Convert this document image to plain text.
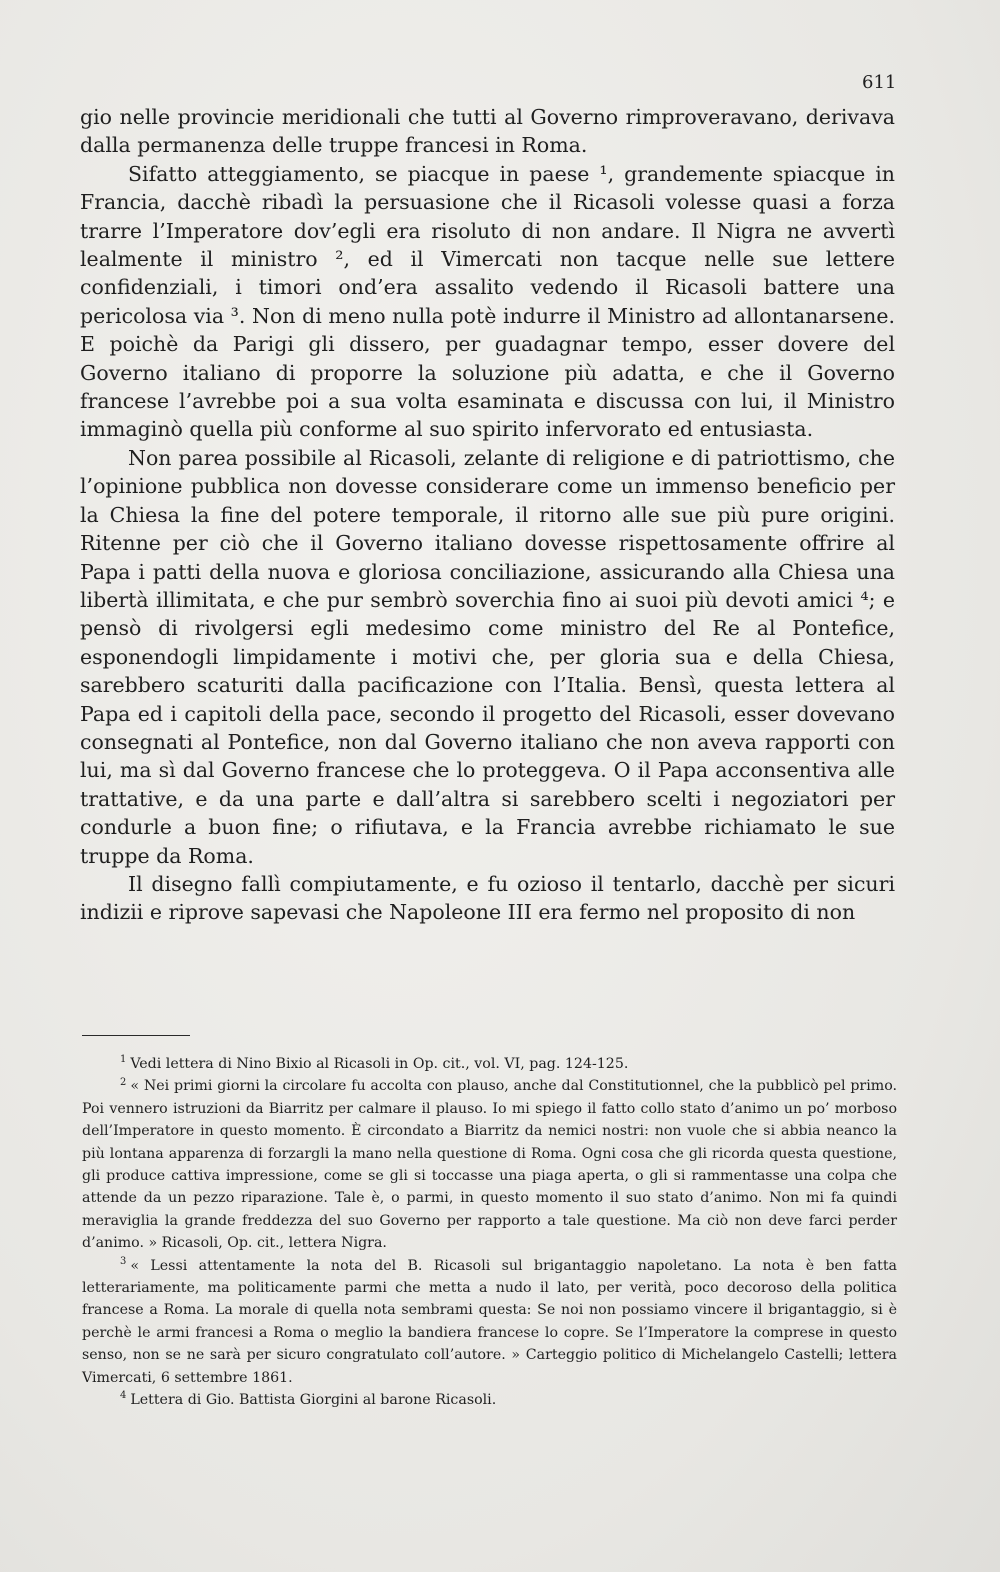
611

gio nelle provincie meridionali che tutti al Governo rimproveravano, derivava dalla permanenza delle truppe francesi in Roma.

Sifatto atteggiamento, se piacque in paese ¹, grandemente spiacque in Francia, dacchè ribadì la persuasione che il Ricasoli volesse quasi a forza trarre l’Imperatore dov’egli era risoluto di non andare. Il Nigra ne avvertì lealmente il ministro ², ed il Vimercati non tacque nelle sue lettere confidenziali, i timori ond’era assalito vedendo il Ricasoli battere una pericolosa via ³. Non di meno nulla potè indurre il Ministro ad allontanarsene. E poichè da Parigi gli dissero, per guadagnar tempo, esser dovere del Governo italiano di proporre la soluzione più adatta, e che il Governo francese l’avrebbe poi a sua volta esaminata e discussa con lui, il Ministro immaginò quella più conforme al suo spirito infervorato ed entusiasta.

Non parea possibile al Ricasoli, zelante di religione e di patriottismo, che l’opinione pubblica non dovesse considerare come un immenso beneficio per la Chiesa la fine del potere temporale, il ritorno alle sue più pure origini. Ritenne per ciò che il Governo italiano dovesse rispettosamente offrire al Papa i patti della nuova e gloriosa conciliazione, assicurando alla Chiesa una libertà illimitata, e che pur sembrò soverchia fino ai suoi più devoti amici ⁴; e pensò di rivolgersi egli medesimo come ministro del Re al Pontefice, esponendogli limpidamente i motivi che, per gloria sua e della Chiesa, sarebbero scaturiti dalla pacificazione con l’Italia. Bensì, questa lettera al Papa ed i capitoli della pace, secondo il progetto del Ricasoli, esser dovevano consegnati al Pontefice, non dal Governo italiano che non aveva rapporti con lui, ma sì dal Governo francese che lo proteggeva. O il Papa acconsentiva alle trattative, e da una parte e dall’altra si sarebbero scelti i negoziatori per condurle a buon fine; o rifiutava, e la Francia avrebbe richiamato le sue truppe da Roma.

Il disegno fallì compiutamente, e fu ozioso il tentarlo, dacchè per sicuri indizii e riprove sapevasi che Napoleone III era fermo nel proposito di non

$^1$ Vedi lettera di Nino Bixio al Ricasoli in Op. cit., vol. VI, pag. 124-125.

$^2$ « Nei primi giorni la circolare fu accolta con plauso, anche dal Constitutionnel, che la pubblicò pel primo. Poi vennero istruzioni da Biarritz per calmare il plauso. Io mi spiego il fatto collo stato d’animo un po’ morboso dell’Imperatore in questo momento. È circondato a Biarritz da nemici nostri: non vuole che si abbia neanco la più lontana apparenza di forzargli la mano nella questione di Roma. Ogni cosa che gli ricorda questa questione, gli produce cattiva impressione, come se gli si toccasse una piaga aperta, o gli si rammentasse una colpa che attende da un pezzo riparazione. Tale è, o parmi, in questo momento il suo stato d’animo. Non mi fa quindi meraviglia la grande freddezza del suo Governo per rapporto a tale questione. Ma ciò non deve farci perder d’animo. » Ricasoli, Op. cit., lettera Nigra.

$^3$ « Lessi attentamente la nota del B. Ricasoli sul brigantaggio napoletano. La nota è ben fatta letterariamente, ma politicamente parmi che metta a nudo il lato, per verità, poco decoroso della politica francese a Roma. La morale di quella nota sembrami questa: Se noi non possiamo vincere il brigantaggio, si è perchè le armi francesi a Roma o meglio la bandiera francese lo copre. Se l’Imperatore la comprese in questo senso, non se ne sarà per sicuro congratulato coll’autore. » Carteggio politico di Michelangelo Castelli; lettera Vimercati, 6 settembre 1861.

$^4$ Lettera di Gio. Battista Giorgini al barone Ricasoli.
